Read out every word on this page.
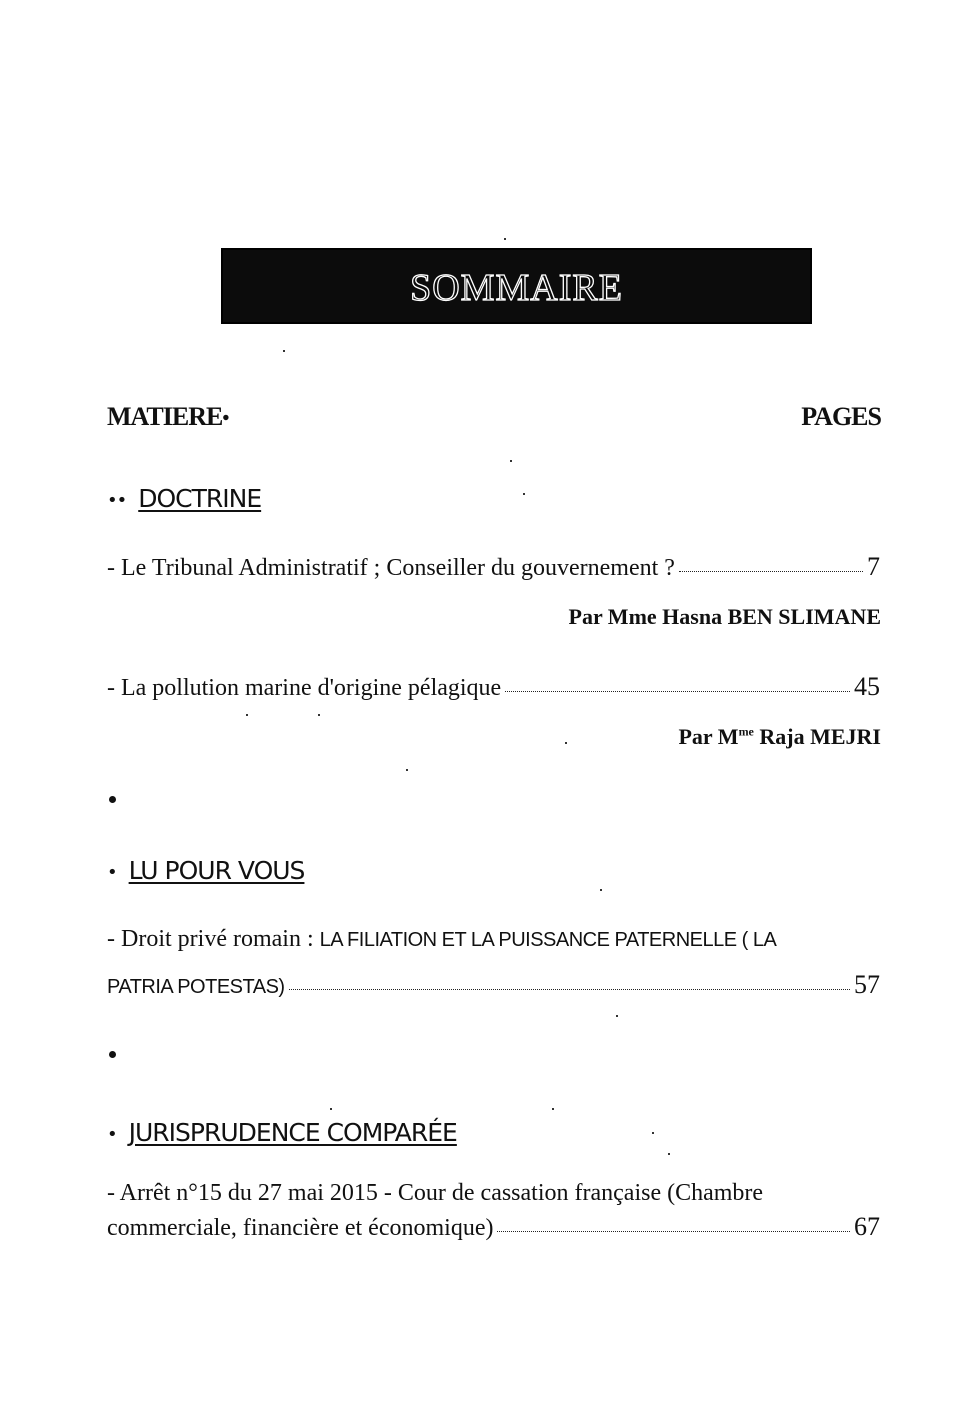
SOMMAIRE
MATIERE•	PAGES
•• DOCTRINE
- Le Tribunal Administratif ; Conseiller du gouvernement ?	7
Par Mme Hasna BEN SLIMANE
- La pollution marine d'origine pélagique	45
Par $M^{me}$ Raja MEJRI
• LU POUR VOUS
- Droit privé romain : LA FILIATION ET LA PUISSANCE PATERNELLE ( LA
PATRIA POTESTAS)	57
• JURISPRUDENCE COMPARÉE
- Arrêt n°15 du 27 mai 2015 - Cour de cassation française (Chambre
commerciale, financière et économique)	67
